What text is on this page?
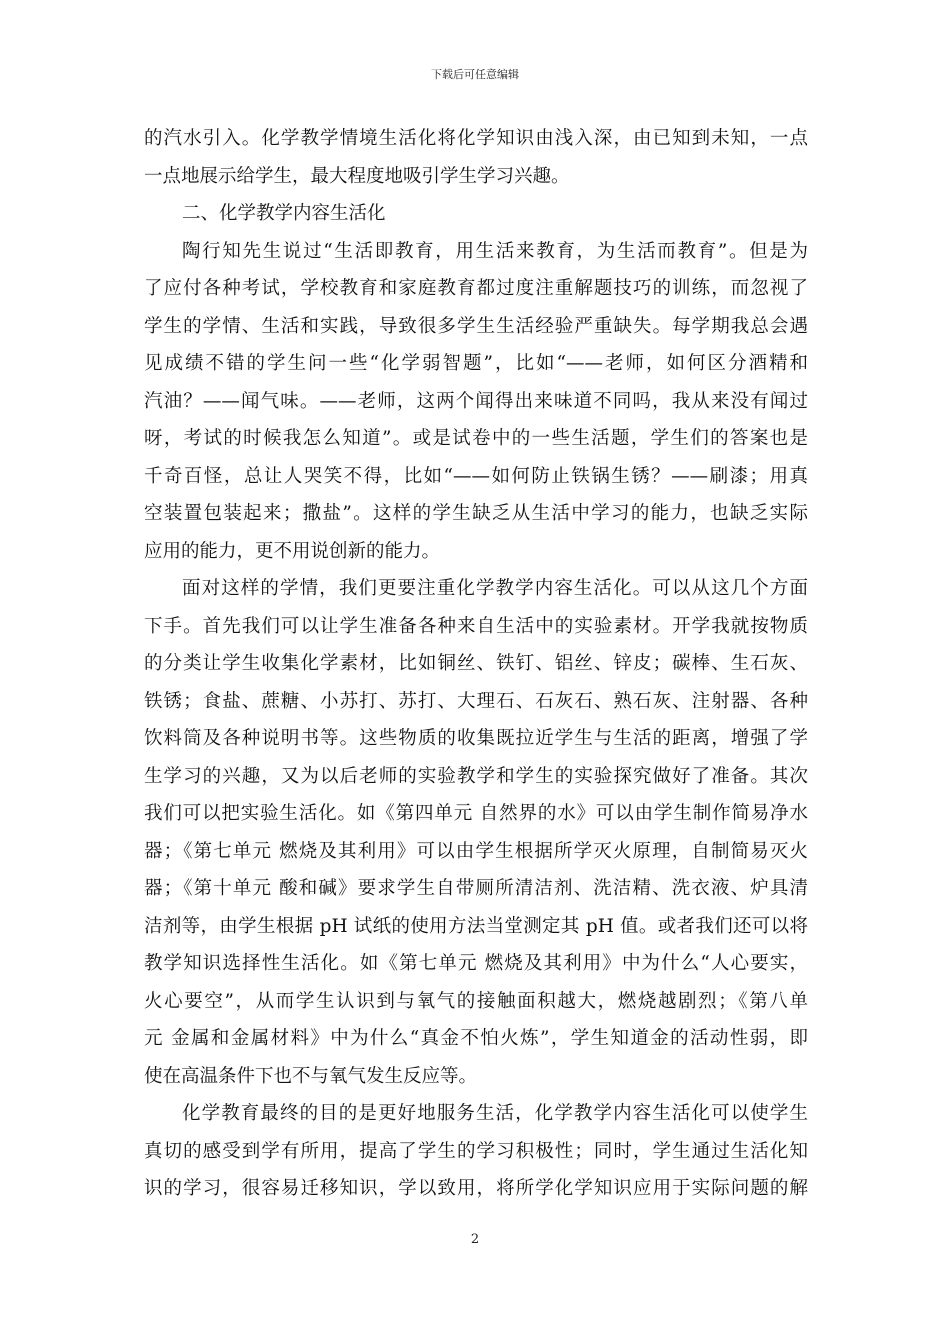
下载后可任意编辑
的汽水引入。化学教学情境生活化将化学知识由浅入深，由已知到未知，一点
一点地展示给学生，最大程度地吸引学生学习兴趣。
二、化学教学内容生活化
陶行知先生说过“生活即教育，用生活来教育，为生活而教育”。但是为
了应付各种考试，学校教育和家庭教育都过度注重解题技巧的训练，而忽视了
学生的学情、生活和实践，导致很多学生生活经验严重缺失。每学期我总会遇
见成绩不错的学生问一些“化学弱智题”，比如“——老师，如何区分酒精和
汽油？——闻气味。——老师，这两个闻得出来味道不同吗，我从来没有闻过
呀，考试的时候我怎么知道”。或是试卷中的一些生活题，学生们的答案也是
千奇百怪，总让人哭笑不得，比如“——如何防止铁锅生锈？——刷漆；用真
空装置包装起来；撒盐”。这样的学生缺乏从生活中学习的能力，也缺乏实际
应用的能力，更不用说创新的能力。
面对这样的学情，我们更要注重化学教学内容生活化。可以从这几个方面
下手。首先我们可以让学生准备各种来自生活中的实验素材。开学我就按物质
的分类让学生收集化学素材，比如铜丝、铁钉、铝丝、锌皮；碳棒、生石灰、
铁锈；食盐、蔗糖、小苏打、苏打、大理石、石灰石、熟石灰、注射器、各种
饮料筒及各种说明书等。这些物质的收集既拉近学生与生活的距离，增强了学
生学习的兴趣，又为以后老师的实验教学和学生的实验探究做好了准备。其次
我们可以把实验生活化。如《第四单元 自然界的水》可以由学生制作简易净水
器；《第七单元 燃烧及其利用》可以由学生根据所学灭火原理，自制简易灭火
器；《第十单元 酸和碱》要求学生自带厕所清洁剂、洗洁精、洗衣液、炉具清
洁剂等，由学生根据 pH 试纸的使用方法当堂测定其 pH 值。或者我们还可以将
教学知识选择性生活化。如《第七单元 燃烧及其利用》中为什么“人心要实，
火心要空”，从而学生认识到与氧气的接触面积越大，燃烧越剧烈；《第八单
元 金属和金属材料》中为什么“真金不怕火炼”，学生知道金的活动性弱，即
使在高温条件下也不与氧气发生反应等。
化学教育最终的目的是更好地服务生活，化学教学内容生活化可以使学生
真切的感受到学有所用，提高了学生的学习积极性；同时，学生通过生活化知
识的学习，很容易迁移知识，学以致用，将所学化学知识应用于实际问题的解
2
